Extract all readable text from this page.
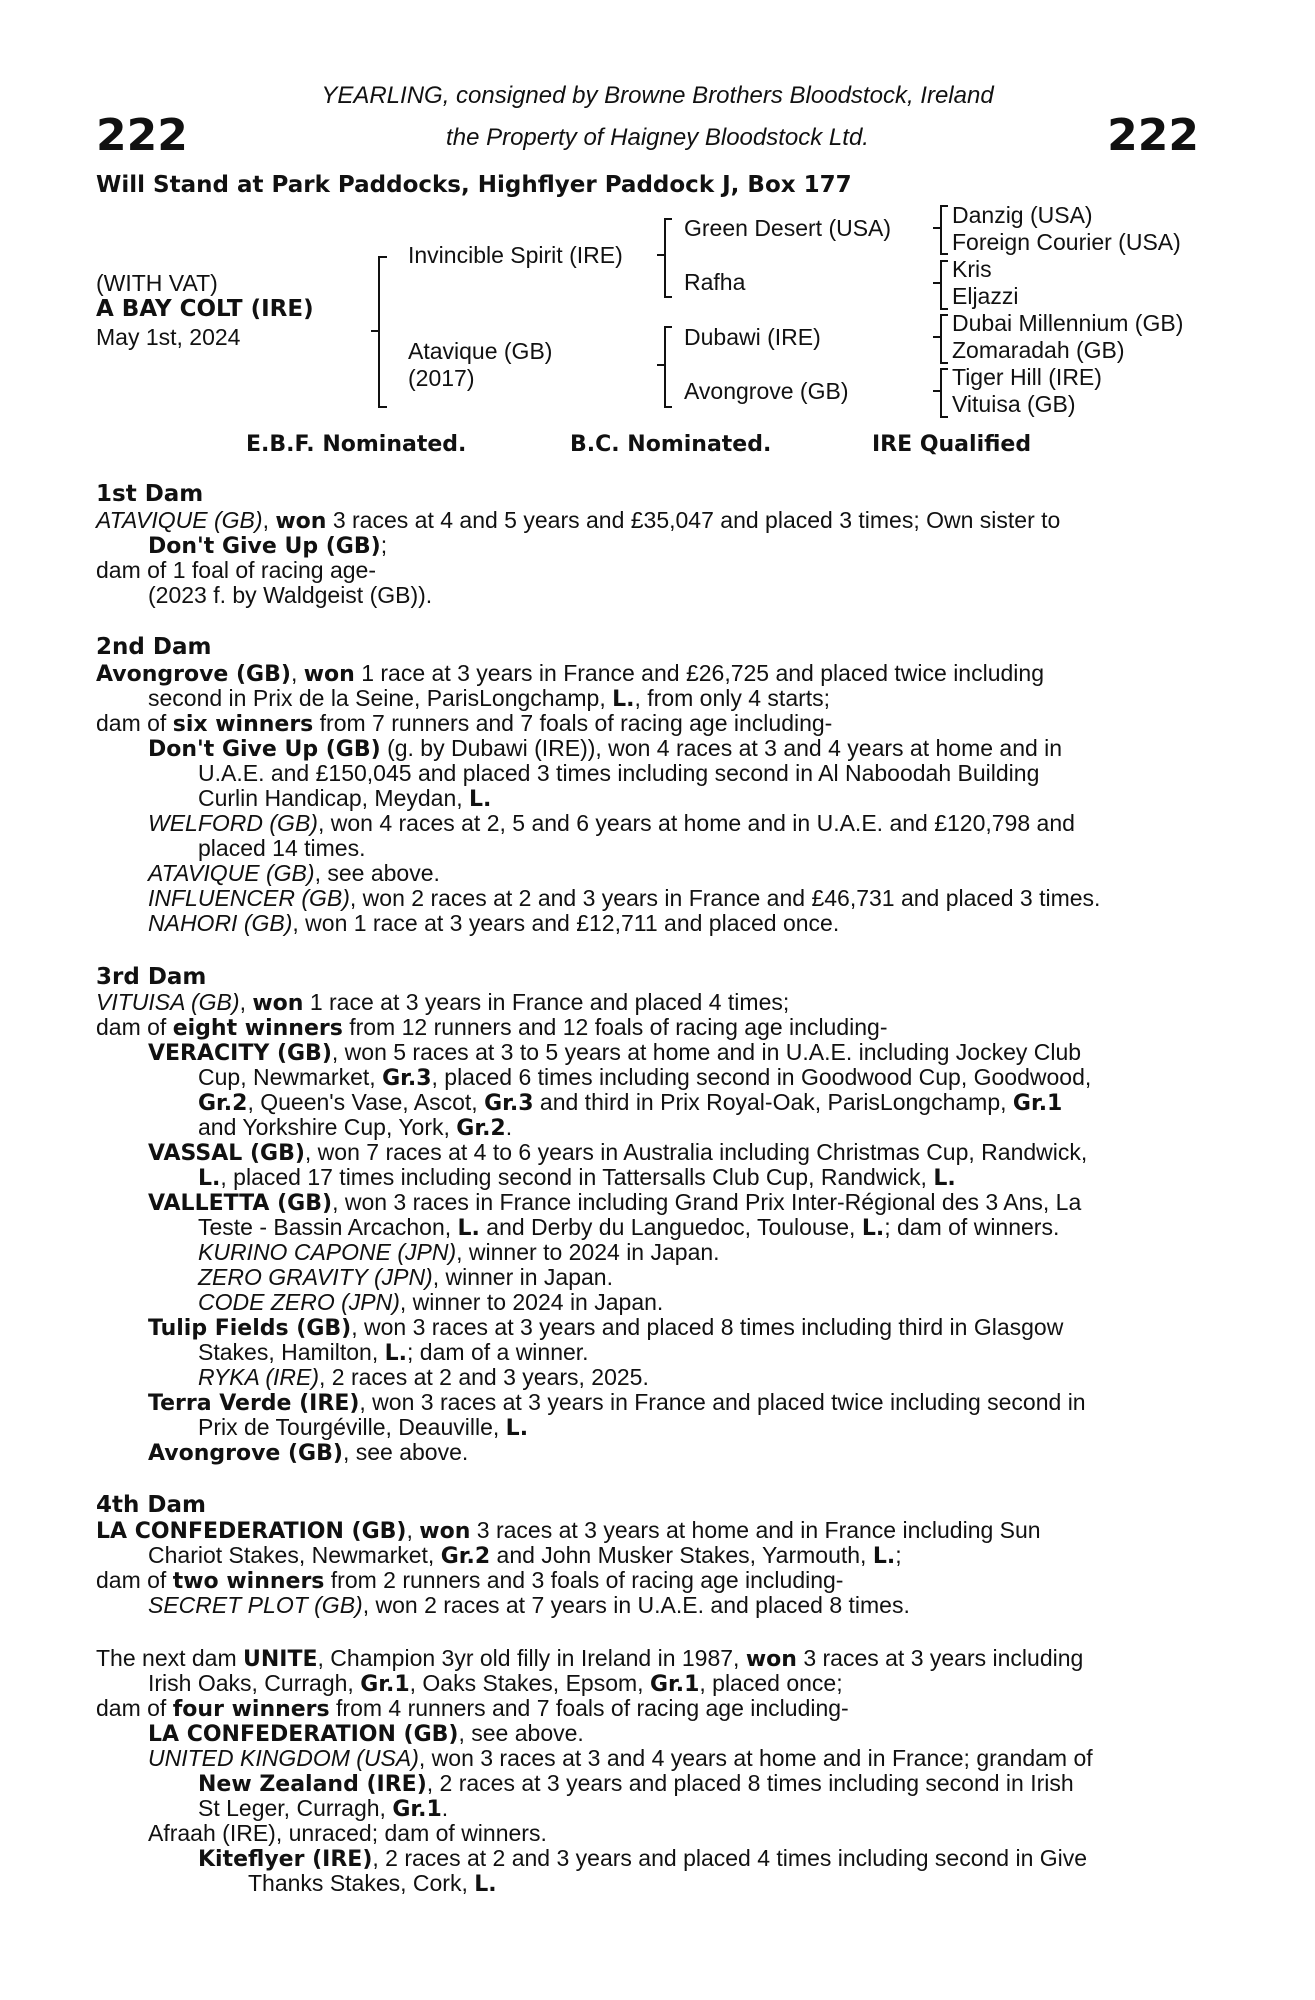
222	222
YEARLING, consigned by Browne Brothers Bloodstock, Ireland
the Property of Haigney Bloodstock Ltd.
Will Stand at Park Paddocks, Highflyer Paddock J, Box 177
(WITH VAT)
A BAY COLT (IRE)
May 1st, 2024
Invincible Spirit (IRE)
Atavique (GB)
(2017)
Green Desert (USA)
Rafha
Dubawi (IRE)
Avongrove (GB)
Danzig (USA)
Foreign Courier (USA)
Kris
Eljazzi
Dubai Millennium (GB)
Zomaradah (GB)
Tiger Hill (IRE)
Vituisa (GB)
E.B.F. Nominated.	B.C. Nominated.	IRE Qualified
1st Dam
ATAVIQUE (GB), won 3 races at 4 and 5 years and £35,047 and placed 3 times; Own sister to
Don't Give Up (GB);
dam of 1 foal of racing age-
(2023 f. by Waldgeist (GB)).
2nd Dam
Avongrove (GB), won 1 race at 3 years in France and £26,725 and placed twice including
second in Prix de la Seine, ParisLongchamp, L., from only 4 starts;
dam of six winners from 7 runners and 7 foals of racing age including-
Don't Give Up (GB) (g. by Dubawi (IRE)), won 4 races at 3 and 4 years at home and in
U.A.E. and £150,045 and placed 3 times including second in Al Naboodah Building
Curlin Handicap, Meydan, L.
WELFORD (GB), won 4 races at 2, 5 and 6 years at home and in U.A.E. and £120,798 and
placed 14 times.
ATAVIQUE (GB), see above.
INFLUENCER (GB), won 2 races at 2 and 3 years in France and £46,731 and placed 3 times.
NAHORI (GB), won 1 race at 3 years and £12,711 and placed once.
3rd Dam
VITUISA (GB), won 1 race at 3 years in France and placed 4 times;
dam of eight winners from 12 runners and 12 foals of racing age including-
VERACITY (GB), won 5 races at 3 to 5 years at home and in U.A.E. including Jockey Club
Cup, Newmarket, Gr.3, placed 6 times including second in Goodwood Cup, Goodwood,
Gr.2, Queen's Vase, Ascot, Gr.3 and third in Prix Royal-Oak, ParisLongchamp, Gr.1
and Yorkshire Cup, York, Gr.2.
VASSAL (GB), won 7 races at 4 to 6 years in Australia including Christmas Cup, Randwick,
L., placed 17 times including second in Tattersalls Club Cup, Randwick, L.
VALLETTA (GB), won 3 races in France including Grand Prix Inter-Régional des 3 Ans, La
Teste - Bassin Arcachon, L. and Derby du Languedoc, Toulouse, L.; dam of winners.
KURINO CAPONE (JPN), winner to 2024 in Japan.
ZERO GRAVITY (JPN), winner in Japan.
CODE ZERO (JPN), winner to 2024 in Japan.
Tulip Fields (GB), won 3 races at 3 years and placed 8 times including third in Glasgow
Stakes, Hamilton, L.; dam of a winner.
RYKA (IRE), 2 races at 2 and 3 years, 2025.
Terra Verde (IRE), won 3 races at 3 years in France and placed twice including second in
Prix de Tourgéville, Deauville, L.
Avongrove (GB), see above.
4th Dam
LA CONFEDERATION (GB), won 3 races at 3 years at home and in France including Sun
Chariot Stakes, Newmarket, Gr.2 and John Musker Stakes, Yarmouth, L.;
dam of two winners from 2 runners and 3 foals of racing age including-
SECRET PLOT (GB), won 2 races at 7 years in U.A.E. and placed 8 times.
The next dam UNITE, Champion 3yr old filly in Ireland in 1987, won 3 races at 3 years including
Irish Oaks, Curragh, Gr.1, Oaks Stakes, Epsom, Gr.1, placed once;
dam of four winners from 4 runners and 7 foals of racing age including-
LA CONFEDERATION (GB), see above.
UNITED KINGDOM (USA), won 3 races at 3 and 4 years at home and in France; grandam of
New Zealand (IRE), 2 races at 3 years and placed 8 times including second in Irish
St Leger, Curragh, Gr.1.
Afraah (IRE), unraced; dam of winners.
Kiteflyer (IRE), 2 races at 2 and 3 years and placed 4 times including second in Give
Thanks Stakes, Cork, L.
